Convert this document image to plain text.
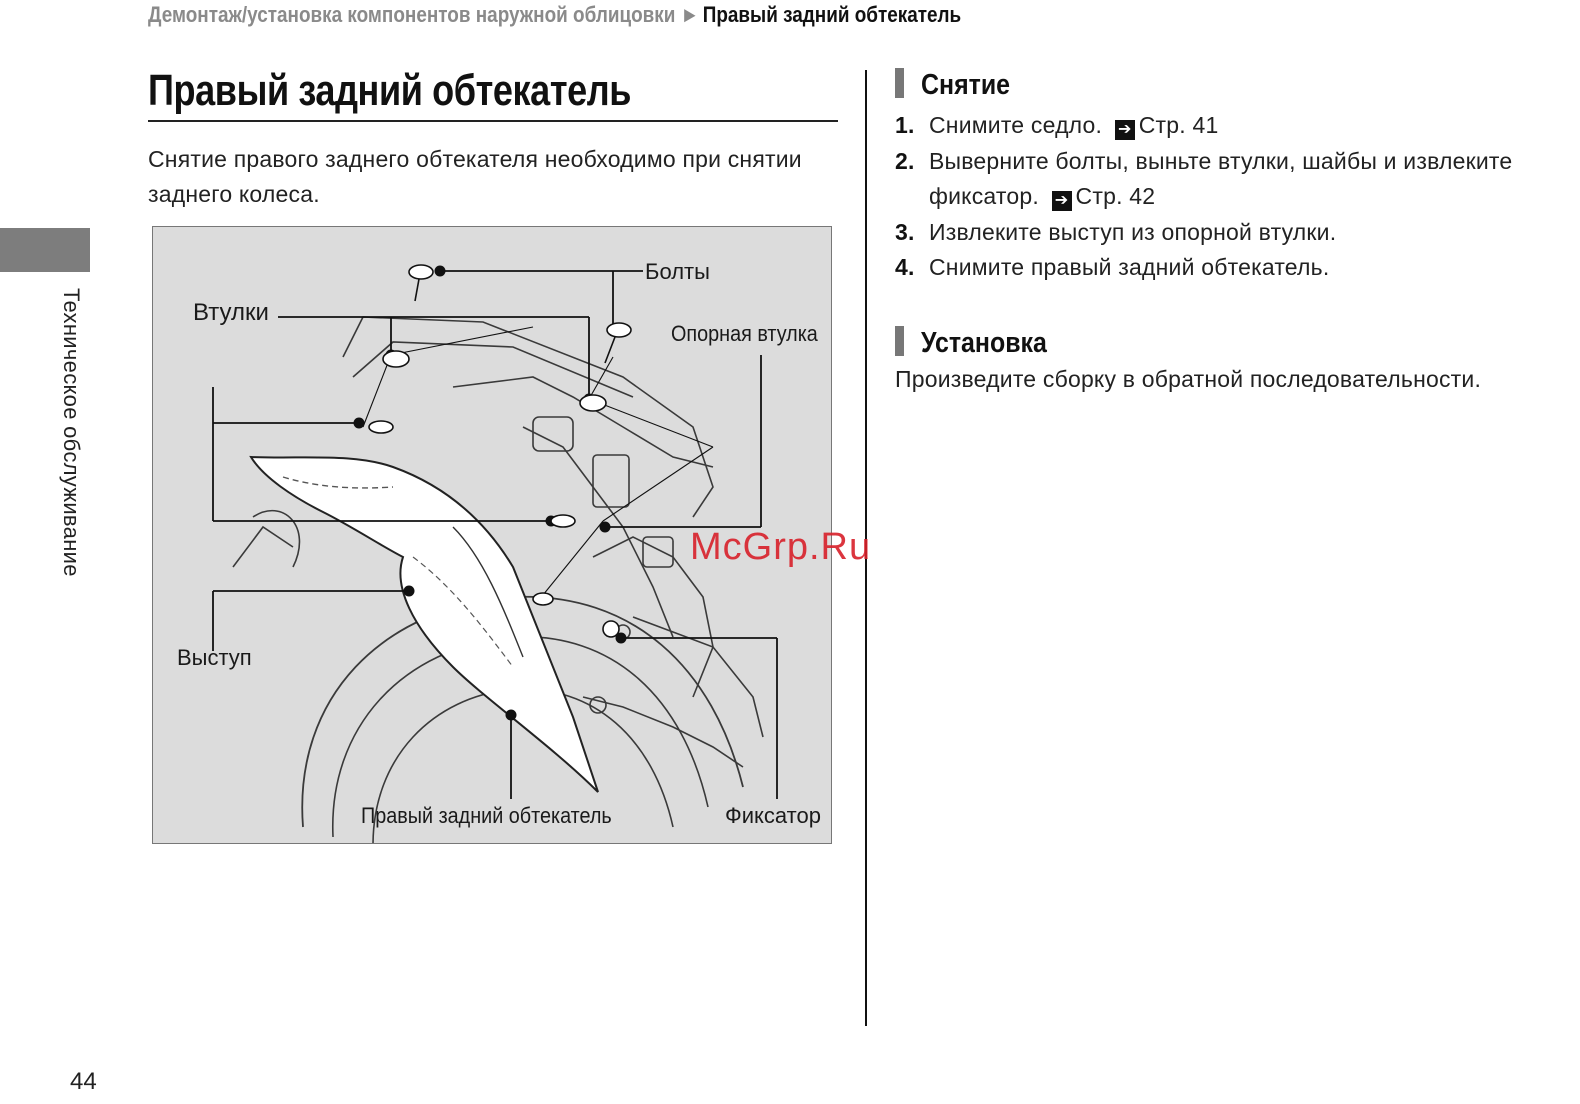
Демонтаж/установка компонентов наружной облицовки ► Правый задний обтекатель
Техническое обслуживание
Правый задний обтекатель
Снятие правого заднего обтекателя необходимо при снятии заднего колеса.
Болты
Втулки
Опорная втулка
Выступ
Правый задний обтекатель	Фиксатор
Снятие
1. Снимите седло. ➔ Стр. 41
2. Выверните болты, выньте втулки, шайбы и извлеките фиксатор. ➔ Стр. 42
3. Извлеките выступ из опорной втулки.
4. Снимите правый задний обтекатель.
Установка
Произведите сборку в обратной последовательности.
McGrp.Ru
44
